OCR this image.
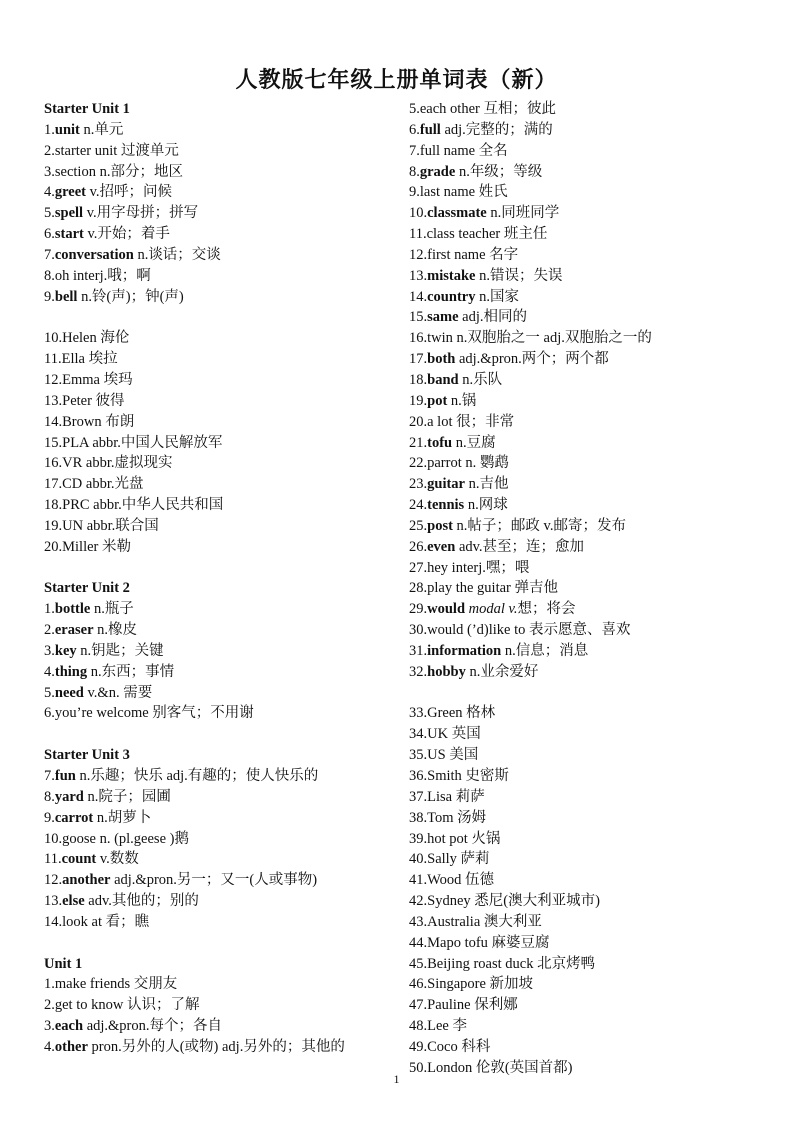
人教版七年级上册单词表（新）
Starter Unit 1
1.unit n.单元
2.starter unit 过渡单元
3.section n.部分；地区
4.greet v.招呼；问候
5.spell v.用字母拼；拼写
6.start v.开始；着手
7.conversation n.谈话；交谈
8.oh interj.哦；啊
9.bell n.铃(声)；钟(声)
10.Helen 海伦
11.Ella 埃拉
12.Emma 埃玛
13.Peter 彼得
14.Brown 布朗
15.PLA abbr.中国人民解放军
16.VR abbr.虚拟现实
17.CD abbr.光盘
18.PRC abbr.中华人民共和国
19.UN abbr.联合国
20.Miller 米勒
Starter Unit 2
1.bottle n.瓶子
2.eraser n.橡皮
3.key n.钥匙；关键
4.thing n.东西；事情
5.need v.&n. 需要
6.you’re welcome 别客气；不用谢
Starter Unit 3
7.fun n.乐趣；快乐 adj.有趣的；使人快乐的
8.yard n.院子；园圃
9.carrot n.胡萝卜
10.goose n. (pl.geese )鹅
11.count v.数数
12.another adj.&pron.另一；又一(人或事物)
13.else adv.其他的；别的
14.look at 看；瞧
Unit 1
1.make friends 交朋友
2.get to know 认识；了解
3.each adj.&pron.每个；各自
4.other pron.另外的人(或物) adj.另外的；其他的
5.each other 互相；彼此
6.full adj.完整的；满的
7.full name 全名
8.grade n.年级；等级
9.last name 姓氏
10.classmate n.同班同学
11.class teacher 班主任
12.first name 名字
13.mistake n.错误；失误
14.country n.国家
15.same adj.相同的
16.twin n.双胞胎之一 adj.双胞胎之一的
17.both adj.&pron.两个；两个都
18.band n.乐队
19.pot n.锅
20.a lot 很；非常
21.tofu n.豆腐
22.parrot n. 鹦鹉
23.guitar n.吉他
24.tennis n.网球
25.post n.帖子；邮政 v.邮寄；发布
26.even adv.甚至；连；愈加
27.hey interj.嘿；喂
28.play the guitar 弹吉他
29.would modal v.想；将会
30.would (’d)like to 表示愿意、喜欢
31.information n.信息；消息
32.hobby n.业余爱好
33.Green 格林
34.UK 英国
35.US 美国
36.Smith 史密斯
37.Lisa 莉萨
38.Tom 汤姆
39.hot pot 火锅
40.Sally 萨莉
41.Wood 伍德
42.Sydney 悉尼(澳大利亚城市)
43.Australia 澳大利亚
44.Mapo tofu 麻婆豆腐
45.Beijing roast duck 北京烤鸭
46.Singapore 新加坡
47.Pauline 保利娜
48.Lee 李
49.Coco 科科
50.London 伦敦(英国首都)
1
